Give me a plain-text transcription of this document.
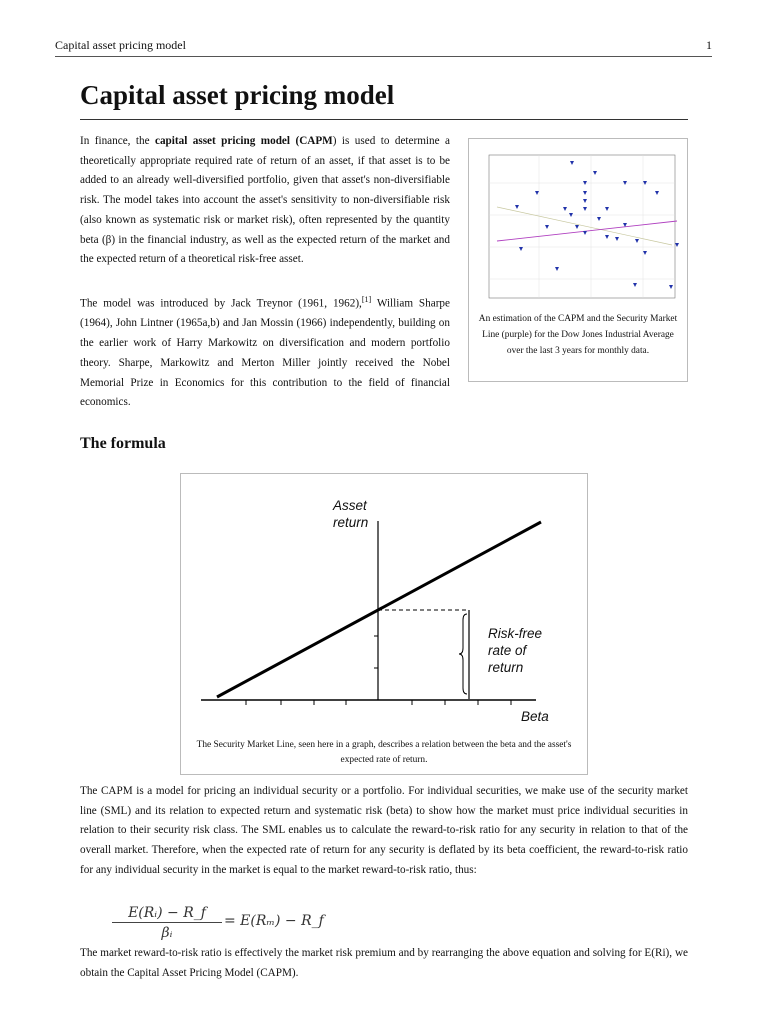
Capital asset pricing model	1
Capital asset pricing model

In finance, the capital asset pricing model (CAPM) is used to determine a theoretically appropriate required rate of return of an asset, if that asset is to be added to an already well-diversified portfolio, given that asset's non-diversifiable risk. The model takes into account the asset's sensitivity to non-diversifiable risk (also known as systematic risk or market risk), often represented by the quantity beta (β) in the financial industry, as well as the expected return of the market and the expected return of a theoretical risk-free asset.

The model was introduced by Jack Treynor (1961, 1962),[1] William Sharpe (1964), John Lintner (1965a,b) and Jan Mossin (1966) independently, building on the earlier work of Harry Markowitz on diversification and modern portfolio theory. Sharpe, Markowitz and Merton Miller jointly received the Nobel Memorial Prize in Economics for this contribution to the field of financial economics.

An estimation of the CAPM and the Security Market Line (purple) for the Dow Jones Industrial Average over the last 3 years for monthly data.
The formula
Asset
return
Beta
Risk-free
rate of
return
The Security Market Line, seen here in a graph, describes a relation between the beta and the asset's expected rate of return.

The CAPM is a model for pricing an individual security or a portfolio. For individual securities, we make use of the security market line (SML) and its relation to expected return and systematic risk (beta) to show how the market must price individual securities in relation to their security risk class. The SML enables us to calculate the reward-to-risk ratio for any security in relation to that of the overall market. Therefore, when the expected rate of return for any security is deflated by its beta coefficient, the reward-to-risk ratio for any individual security in the market is equal to the market reward-to-risk ratio, thus:

$\frac{\text{E(Rᵢ) − R\_f}}{\text{βᵢ}} = E(R_m)$ − R_f

The market reward-to-risk ratio is effectively the market risk premium and by rearranging the above equation and solving for E(Ri), we obtain the Capital Asset Pricing Model (CAPM).
